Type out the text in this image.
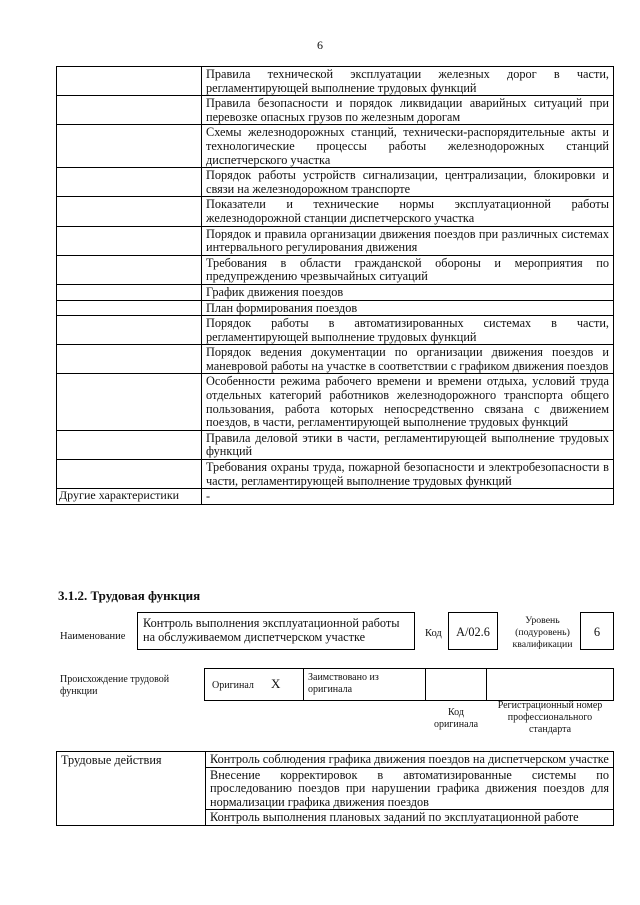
6
	Правила технической эксплуатации железных дорог в части, регламентирующей выполнение трудовых функций
	Правила безопасности и порядок ликвидации аварийных ситуаций при перевозке опасных грузов по железным дорогам
	Схемы железнодорожных станций, технически-распорядительные акты и технологические процессы работы железнодорожных станций диспетчерского участка
	Порядок работы устройств сигнализации, централизации, блокировки и связи на железнодорожном транспорте
	Показатели и технические нормы эксплуатационной работы железнодорожной станции диспетчерского участка
	Порядок и правила организации движения поездов при различных системах интервального регулирования движения
	Требования в области гражданской обороны и мероприятия по предупреждению чрезвычайных ситуаций
	График движения поездов
	План формирования поездов
	Порядок работы в автоматизированных системах в части, регламентирующей выполнение трудовых функций
	Порядок ведения документации по организации движения поездов и маневровой работы на участке в соответствии с графиком движения поездов
	Особенности режима рабочего времени и времени отдыха, условий труда отдельных категорий работников железнодорожного транспорта общего пользования, работа которых непосредственно связана с движением поездов, в части, регламентирующей выполнение трудовых функций
	Правила деловой этики в части, регламентирующей выполнение трудовых функций
	Требования охраны труда, пожарной безопасности и электробезопасности в части, регламентирующей выполнение трудовых функций
Другие характеристики	-
3.1.2. Трудовая функция
Наименование
Контроль выполнения эксплуатационной работы на обслуживаемом диспетчерском участке	Код	A/02.6
Уровень (подуровень) квалификации
6
Происхождение трудовой функции
Оригинал X	Заимствовано из оригинала
Код оригинала
Регистрационный номер профессионального стандарта
Трудовые действия	Контроль соблюдения графика движения поездов на диспетчерском участке
Внесение корректировок в автоматизированные системы по проследованию поездов при нарушении графика движения поездов для нормализации графика движения поездов
Контроль выполнения плановых заданий по эксплуатационной работе
